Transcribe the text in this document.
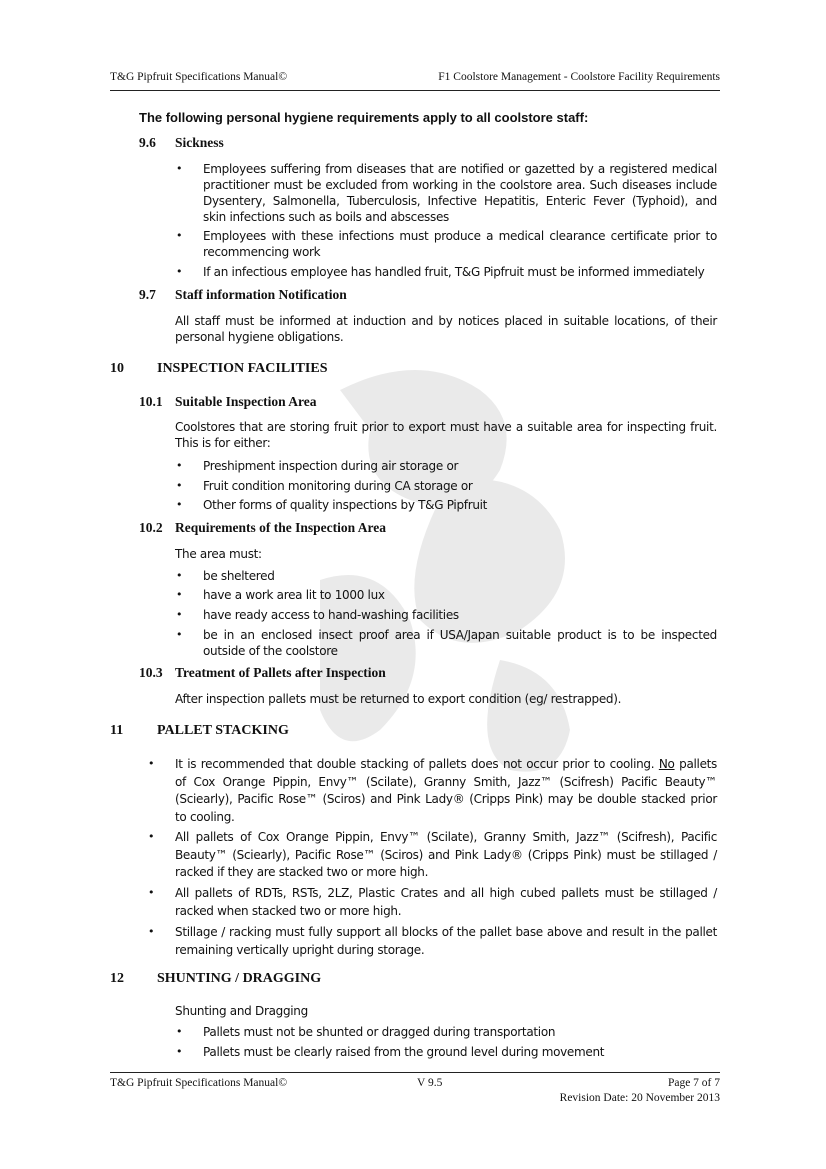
T&G Pipfruit Specifications Manual©	F1 Coolstore Management - Coolstore Facility Requirements
The following personal hygiene requirements apply to all coolstore staff:
9.6 Sickness
• Employees suffering from diseases that are notified or gazetted by a registered medical
practitioner must be excluded from working in the coolstore area. Such diseases include
Dysentery, Salmonella, Tuberculosis, Infective Hepatitis, Enteric Fever (Typhoid), and
skin infections such as boils and abscesses
• Employees with these infections must produce a medical clearance certificate prior to
recommencing work
• If an infectious employee has handled fruit, T&G Pipfruit must be informed immediately
9.7 Staff information Notification
All staff must be informed at induction and by notices placed in suitable locations, of their
personal hygiene obligations.
10 INSPECTION FACILITIES
10.1 Suitable Inspection Area
Coolstores that are storing fruit prior to export must have a suitable area for inspecting fruit.
This is for either:
• Preshipment inspection during air storage or
• Fruit condition monitoring during CA storage or
• Other forms of quality inspections by T&G Pipfruit
10.2 Requirements of the Inspection Area
The area must:
• be sheltered
• have a work area lit to 1000 lux
• have ready access to hand-washing facilities
• be in an enclosed insect proof area if USA/Japan suitable product is to be inspected
outside of the coolstore
10.3 Treatment of Pallets after Inspection
After inspection pallets must be returned to export condition (eg/ restrapped).
11 PALLET STACKING
• It is recommended that double stacking of pallets does not occur prior to cooling. No pallets
of Cox Orange Pippin, Envy™ (Scilate), Granny Smith, Jazz™ (Scifresh) Pacific Beauty™
(Sciearly), Pacific Rose™ (Sciros) and Pink Lady® (Cripps Pink) may be double stacked prior
to cooling.
• All pallets of Cox Orange Pippin, Envy™ (Scilate), Granny Smith, Jazz™ (Scifresh), Pacific
Beauty™ (Sciearly), Pacific Rose™ (Sciros) and Pink Lady® (Cripps Pink) must be stillaged /
racked if they are stacked two or more high.
• All pallets of RDTs, RSTs, 2LZ, Plastic Crates and all high cubed pallets must be stillaged /
racked when stacked two or more high.
• Stillage / racking must fully support all blocks of the pallet base above and result in the pallet
remaining vertically upright during storage.
12 SHUNTING / DRAGGING
Shunting and Dragging
• Pallets must not be shunted or dragged during transportation
• Pallets must be clearly raised from the ground level during movement
T&G Pipfruit Specifications Manual©	V 9.5	Page 7 of 7
Revision Date: 20 November 2013
